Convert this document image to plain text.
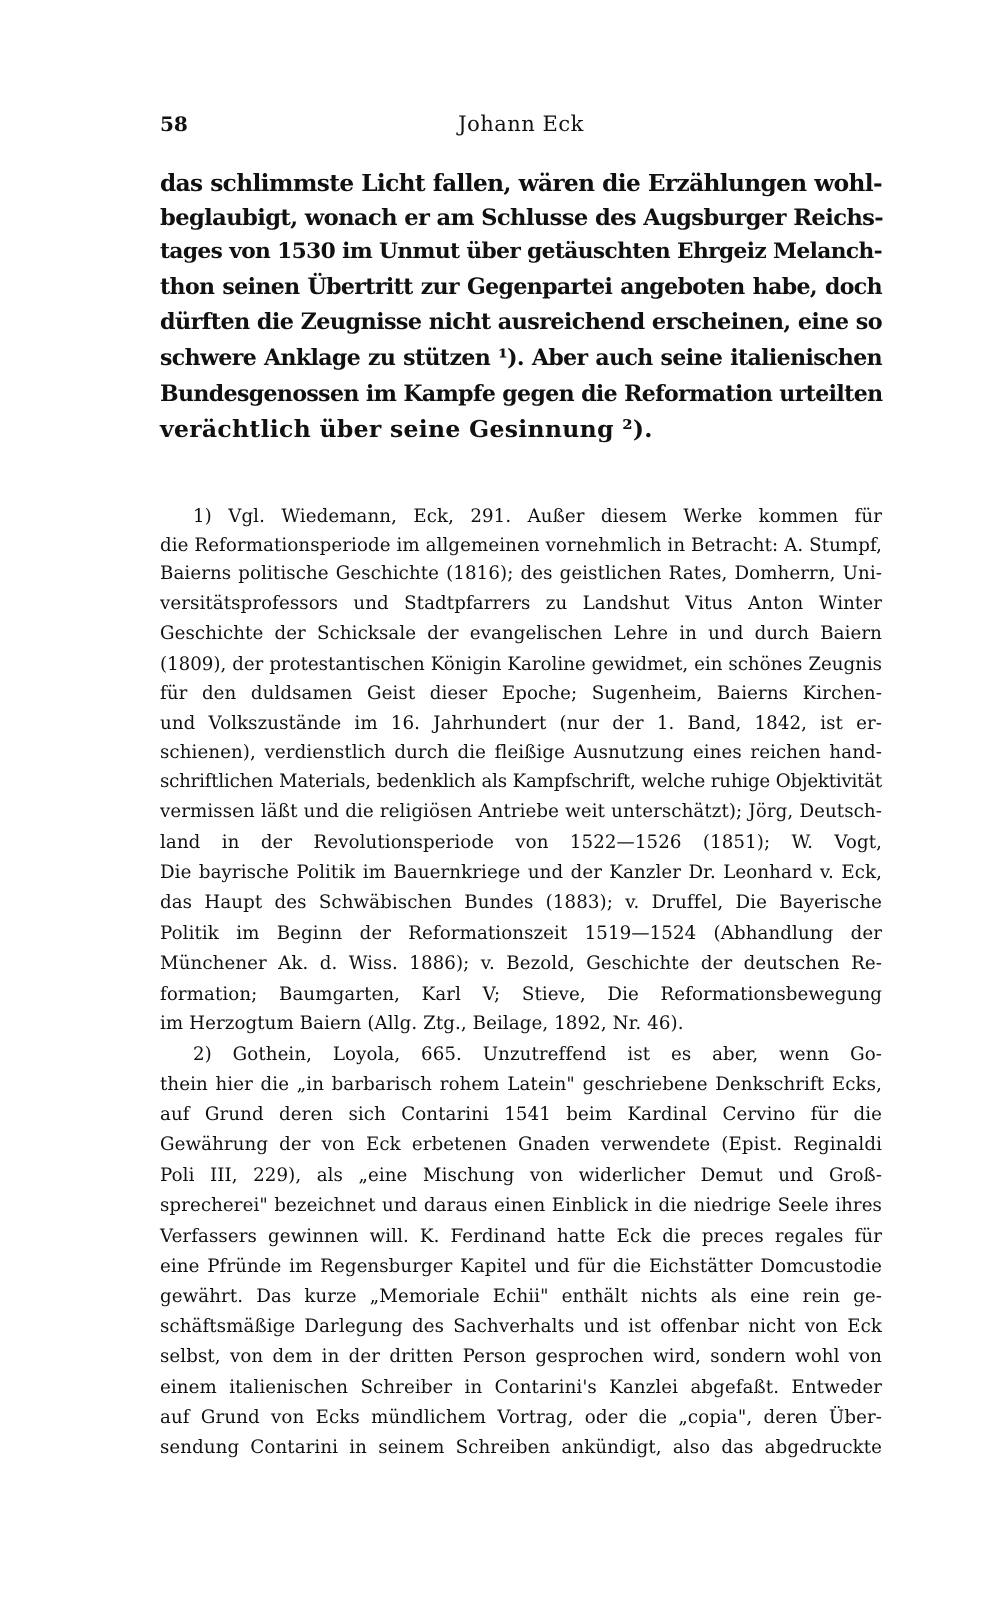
58	Johann Eck
das schlimmste Licht fallen, wären die Erzählungen wohl-
beglaubigt, wonach er am Schlusse des Augsburger Reichs-
tages von 1530 im Unmut über getäuschten Ehrgeiz Melanch-
thon seinen Übertritt zur Gegenpartei angeboten habe, doch
dürften die Zeugnisse nicht ausreichend erscheinen, eine so
schwere Anklage zu stützen ¹). Aber auch seine italienischen
Bundesgenossen im Kampfe gegen die Reformation urteilten
verächtlich über seine Gesinnung ²).
1) Vgl. Wiedemann, Eck, 291. Außer diesem Werke kommen für
die Reformationsperiode im allgemeinen vornehmlich in Betracht: A. Stumpf,
Baierns politische Geschichte (1816); des geistlichen Rates, Domherrn, Uni-
versitätsprofessors und Stadtpfarrers zu Landshut Vitus Anton Winter
Geschichte der Schicksale der evangelischen Lehre in und durch Baiern
(1809), der protestantischen Königin Karoline gewidmet, ein schönes Zeugnis
für den duldsamen Geist dieser Epoche; Sugenheim, Baierns Kirchen-
und Volkszustände im 16. Jahrhundert (nur der 1. Band, 1842, ist er-
schienen), verdienstlich durch die fleißige Ausnutzung eines reichen hand-
schriftlichen Materials, bedenklich als Kampfschrift, welche ruhige Objektivität
vermissen läßt und die religiösen Antriebe weit unterschätzt); Jörg, Deutsch-
land in der Revolutionsperiode von 1522—1526 (1851); W. Vogt,
Die bayrische Politik im Bauernkriege und der Kanzler Dr. Leonhard v. Eck,
das Haupt des Schwäbischen Bundes (1883); v. Druffel, Die Bayerische
Politik im Beginn der Reformationszeit 1519—1524 (Abhandlung der
Münchener Ak. d. Wiss. 1886); v. Bezold, Geschichte der deutschen Re-
formation; Baumgarten, Karl V; Stieve, Die Reformationsbewegung
im Herzogtum Baiern (Allg. Ztg., Beilage, 1892, Nr. 46).
2) Gothein, Loyola, 665. Unzutreffend ist es aber, wenn Go-
thein hier die „in barbarisch rohem Latein" geschriebene Denkschrift Ecks,
auf Grund deren sich Contarini 1541 beim Kardinal Cervino für die
Gewährung der von Eck erbetenen Gnaden verwendete (Epist. Reginaldi
Poli III, 229), als „eine Mischung von widerlicher Demut und Groß-
sprecherei" bezeichnet und daraus einen Einblick in die niedrige Seele ihres
Verfassers gewinnen will. K. Ferdinand hatte Eck die preces regales für
eine Pfründe im Regensburger Kapitel und für die Eichstätter Domcustodie
gewährt. Das kurze „Memoriale Echii" enthält nichts als eine rein ge-
schäftsmäßige Darlegung des Sachverhalts und ist offenbar nicht von Eck
selbst, von dem in der dritten Person gesprochen wird, sondern wohl von
einem italienischen Schreiber in Contarini's Kanzlei abgefaßt. Entweder
auf Grund von Ecks mündlichem Vortrag, oder die „copia", deren Über-
sendung Contarini in seinem Schreiben ankündigt, also das abgedruckte
